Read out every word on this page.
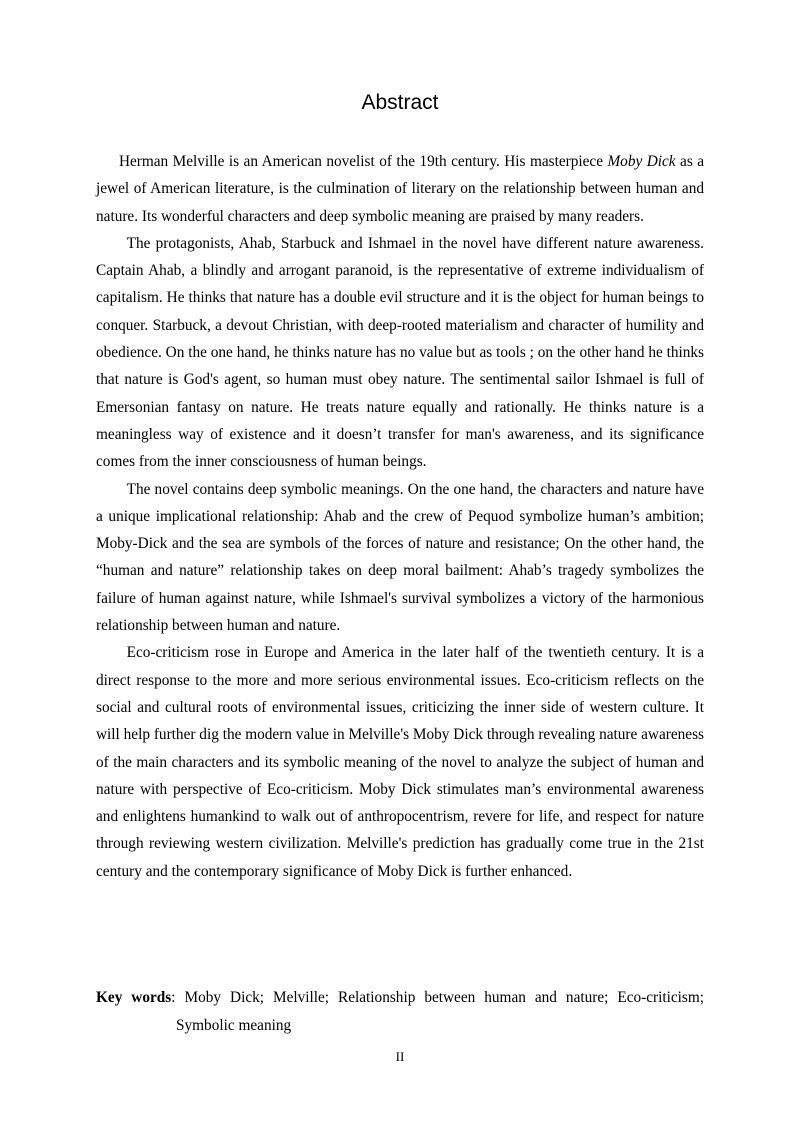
Abstract

Herman Melville is an American novelist of the 19th century. His masterpiece Moby Dick as a jewel of American literature, is the culmination of literary on the relationship between human and nature. Its wonderful characters and deep symbolic meaning are praised by many readers.

The protagonists, Ahab, Starbuck and Ishmael in the novel have different nature awareness. Captain Ahab, a blindly and arrogant paranoid, is the representative of extreme individualism of capitalism. He thinks that nature has a double evil structure and it is the object for human beings to conquer. Starbuck, a devout Christian, with deep-rooted materialism and character of humility and obedience. On the one hand, he thinks nature has no value but as tools ; on the other hand he thinks that nature is God's agent, so human must obey nature. The sentimental sailor Ishmael is full of Emersonian fantasy on nature. He treats nature equally and rationally. He thinks nature is a meaningless way of existence and it doesn’t transfer for man's awareness, and its significance comes from the inner consciousness of human beings.

The novel contains deep symbolic meanings. On the one hand, the characters and nature have a unique implicational relationship: Ahab and the crew of Pequod symbolize human’s ambition; Moby-Dick and the sea are symbols of the forces of nature and resistance; On the other hand, the “human and nature” relationship takes on deep moral bailment: Ahab’s tragedy symbolizes the failure of human against nature, while Ishmael's survival symbolizes a victory of the harmonious relationship between human and nature.

Eco-criticism rose in Europe and America in the later half of the twentieth century. It is a direct response to the more and more serious environmental issues. Eco-criticism reflects on the social and cultural roots of environmental issues, criticizing the inner side of western culture. It will help further dig the modern value in Melville's Moby Dick through revealing nature awareness of the main characters and its symbolic meaning of the novel to analyze the subject of human and nature with perspective of Eco-criticism. Moby Dick stimulates man’s environmental awareness and enlightens humankind to walk out of anthropocentrism, revere for life, and respect for nature through reviewing western civilization. Melville's prediction has gradually come true in the 21st century and the contemporary significance of Moby Dick is further enhanced.

Key words: Moby Dick; Melville; Relationship between human and nature; Eco-criticism; Symbolic meaning
II
